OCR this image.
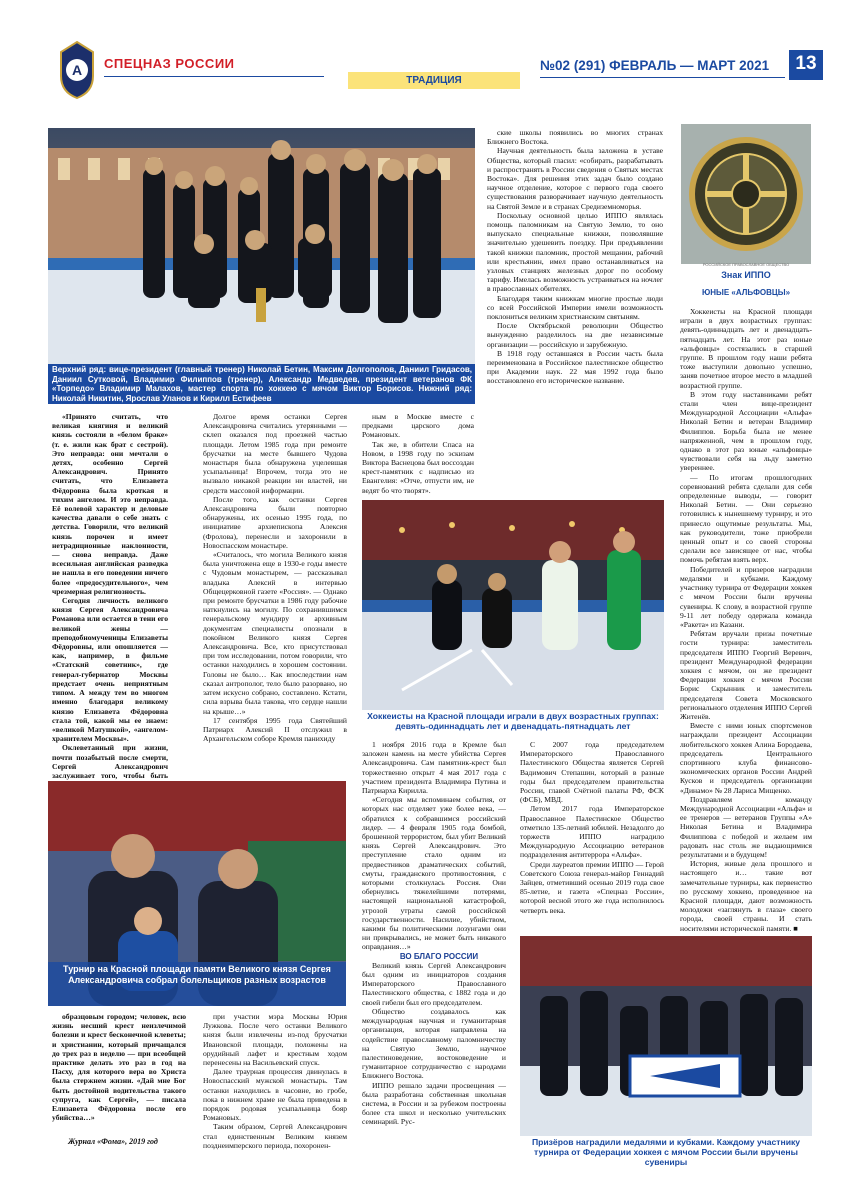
А СПЕЦНАЗ РОССИИ
ТРАДИЦИЯ
№02 (291) ФЕВРАЛЬ — МАРТ 2021	13
Верхний ряд: вице-президент (главный тренер) Николай Бетин, Максим Долгополов, Даниил Гридасов, Даниил Сутковой, Владимир Филиппов (тренер), Александр Медведев, президент ветеранов ФК «Торпедо» Владимир Малахов, мастер спорта по хоккею с мячом Виктор Борисов. Нижний ряд: Николай Никитин, Ярослав Уланов и Кирилл Естифеев
РОССИЙСКОЕ ПРАВОСЛАВНОЕ ОБЩЕСТВО
Знак ИППО
ЮНЫЕ «АЛЬФОВЦЫ»

«Принято считать, что великая княгиня и великий князь состояли в «белом браке» (т. е. жили как брат с сестрой). Это неправда: они мечтали о детях, особенно Сергей Александрович. Принято считать, что Елизавета Фёдоровна была кроткая и тихим ангелом. И это неправда. Её волевой характер и деловые качества давали о себе знать с детства. Говорили, что великий князь порочен и имеет нетрадиционные наклонности, — снова неправда. Даже всесильная английская разведка не нашла в его поведении ничего более «предосудительного», чем чрезмерная религиозность.

Сегодня личность великого князя Сергея Александровича Романова или остается в тени его великой жены — преподобномученицы Елизаветы Фёдоровны, или опошляется — как, например, в фильме «Статский советник», где генерал-губернатор Москвы предстает очень неприятным типом. А между тем во многом именно благодаря великому князю Елизавета Фёдоровна стала той, какой мы ее знаем: «великой Матушкой», «ангелом-хранителем Москвы».

Оклеветанный при жизни, почти позабытый после смерти, Сергей Александрович заслуживает того, чтобы быть

Долгое время останки Сергея Александровича считались утерянными — склеп оказался под проезжей частью площади. Летом 1985 года при ремонте брусчатки на месте бывшего Чудова монастыря была обнаружена уцелевшая усыпальница! Впрочем, тогда это не вызвало никакой реакции ни властей, ни средств массовой информации.

После того, как останки Сергея Александровича были повторно обнаружены, их осенью 1995 года, по инициативе архиепископа Алексия (Фролова), перенесли и захоронили в Новоспасском монастыре.

«Считалось, что могила Великого князя была уничтожена еще в 1930-е годы вместе с Чудовым монастырем, — рассказывал владыка Алексий в интервью Общецерковной газете «Россия». — Однако при ремонте брусчатки в 1986 году рабочие наткнулись на могилу. По сохранившимся генеральскому мундиру и архивным документам специалисты опознали в покойном Великого князя Сергея Александровича. Все, кто присутствовал при том исследовании, потом говорили, что останки находились в хорошем состоянии. Головы не было… Как впоследствии нам сказал антрополог, тело было разорвано, но затем искусно собрано, составлено. Кстати, сила взрыва была такова, что сердце нашли на крыше…»

17 сентября 1995 года Святейший Патриарх Алексий II отслужил в Архангельском соборе Кремля панихиду

ным в Москве вместе с предками царского дома Романовых.

Так же, в обители Спаса на Новом, в 1998 году по эскизам Виктора Васнецова был воссоздан крест-памятник с надписью из Евангелия: «Отче, отпусти им, не ведят бо что творят».

ские школы появились во многих странах Ближнего Востока.

Научная деятельность была заложена в уставе Общества, который гласил: «собирать, разрабатывать и распространять в России сведения о Святых местах Востока». Для решения этих задач было создано научное отделение, которое с первого года своего существования разворачивает научную деятельность на Святой Земле и в странах Средиземноморья.

Поскольку основной целью ИППО являлась помощь паломникам на Святую Землю, то оно выпускало специальные книжки, позволявшие значительно удешевить поездку. При предъявлении такой книжки паломник, простой мещанин, рабочий или крестьянин, имел право останавливаться на узловых станциях железных дорог по особому тарифу. Имелась возможность устраиваться на ночлег в православных обителях.

Благодаря таким книжкам многие простые люди со всей Российской Империи имели возможность поклониться великим христианским святыням.

После Октябрьской революции Общество вынужденно разделилось на две независимые организации — российскую и зарубежную.

В 1918 году оставшаяся в России часть была переименована в Российское палестинское общество при Академии наук. 22 мая 1992 года было восстановлено его историческое название.

Хоккеисты на Красной площади играли в двух возрастных группах: девять-одиннадцать лет и двенадцать-пятнадцать лет

Хоккеисты на Красной площади играли в двух возрастных группах: девять-одиннадцать лет и двенадцать-пятнадцать лет. На этот раз юные «альфовцы» состязались в старшей группе. В прошлом году наши ребята тоже выступили довольно успешно, заняв почетное второе место в младшей возрастной группе.

В этом году наставниками ребят стали член вице-президент Международной Ассоциации «Альфа» Николай Бетин и ветеран Владимир Филиппов. Борьба была не менее напряженной, чем в прошлом году, однако в этот раз юные «альфовцы» чувствовали себя на льду заметно увереннее.

— По итогам прошлогодних соревнований ребята сделали для себя определенные выводы, — говорит Николай Бетин. — Они серьезно готовились к нынешнему турниру, и это принесло ощутимые результаты. Мы, как руководители, тоже приобрели ценный опыт и со своей стороны сделали все зависящее от нас, чтобы помочь ребятам взять верх.

Победителей и призеров наградили медалями и кубками. Каждому участнику турнира от Федерации хоккея с мячом России были вручены сувениры. К слову, в возрастной группе 9-11 лет победу одержала команда «Ракета» из Казани.

Ребятам вручали призы почетные гости турнира: заместитель председателя ИППО Георгий Веревич, президент Международной федерации хоккея с мячом, он же президент Федерации хоккея с мячом России Борис Скрынник и заместитель председателя Совета Московского регионального отделения ИППО Сергей Житенёв.

Вместе с ними юных спортсменов награждали президент Ассоциации любительского хоккея Алина Бородаева, председатель Центрального спортивного клуба финансово-экономических органов России Андрей Кусков и председатель организации «Динамо» № 28 Лариса Мищенко.

Поздравляем команду Международной Ассоциации «Альфа» и ее тренеров — ветеранов Группы «А» Николая Бетина и Владимира Филиппова с победой и желаем им радовать нас столь же выдающимися результатами и в будущем!

История, живые дела прошлого и настоящего и… такие вот замечательные турниры, как первенство по русскому хоккею, проведенное на Красной площади, дают возможность молодежи «заглянуть в глаза» своего города, своей страны. И стать носителями исторической памяти. ■

Турнир на Красной площади памяти Великого князя Сергея Александровича собрал болельщиков разных возрастов

1 ноября 2016 года в Кремле был заложен камень на месте убийства Сергея Александровича. Сам памятник-крест был торжественно открыт 4 мая 2017 года с участием президента Владимира Путина и Патриарха Кирилла.

«Сегодня мы вспоминаем события, от которых нас отделяет уже более века, — обратился к собравшимся российский лидер. — 4 февраля 1905 года бомбой, брошенной террористом, был убит Великий князь Сергей Александрович. Это преступление стало одним из предвестников драматических событий, смуты, гражданского противостояния, с которыми столкнулась Россия. Они обернулись тяжелейшими потерями, настоящей национальной катастрофой, угрозой утраты самой российской государственности. Насилие, убийством, какими бы политическими лозунгами они ни прикрывались, не может быть никакого оправдания…»

ВО БЛАГО РОССИИ

Великий князь Сергей Александрович был одним из инициаторов создания Императорского Православного Палестинского общества, с 1882 года и до своей гибели был его председателем.

Общество создавалось как международная научная и гуманитарная организация, которая направлена на содействие православному паломничеству на Святую Землю, научное палестиноведение, востоковедение и гуманитарное сотрудничество с народами Ближнего Востока.

ИППО решало задачи просвещения — была разработана собственная школьная система, в России и за рубежом построены более ста школ и несколько учительских семинарий. Рус-

С 2007 года председателем Императорского Православного Палестинского Общества является Сергей Вадимович Степашин, который в разные годы был председателем правительства России, главой Счётной палаты РФ, ФСК (ФСБ), МВД.

Летом 2017 года Императорское Православное Палестинское Общество отметило 135-летний юбилей. Незадолго до торжеств ИППО наградило Международную Ассоциацию ветеранов подразделения антитеррора «Альфа».

Среди лауреатов премии ИППО — Герой Советского Союза генерал-майор Геннадий Зайцев, отметивший осенью 2019 года свое 85-летие, и газета «Спецназ России», которой весной этого же года исполнилось четверть века.

образцовым городом; человек, всю жизнь несший крест неизлечимой болезни и крест бесконечной клеветы; и христианин, который причащался до трех раз в неделю — при всеобщей практике делать это раз в год на Пасху, для которого вера во Христа была стержнем жизни. «Дай мне Бог быть достойной водительства такого супруга, как Сергей», — писала Елизавета Фёдоровна после его убийства…»

Журнал «Фома», 2019 год

при участии мэра Москвы Юрия Лужкова. После чего останки Великого князя были извлечены из-под брусчатки Ивановской площади, положены на орудийный лафет и крестным ходом перенесены на Васильевский спуск.

Далее траурная процессия двинулась в Новоспасский мужской монастырь. Там останки находились в часовне, во гробе, пока в нижнем храме не была приведена в порядок родовая усыпальница бояр Романовых.

Таким образом, Сергей Александрович стал единственным Великим князем позднеимперского периода, похоронен-	Призёров наградили медалями и кубками. Каждому участнику турнира от Федерации хоккея с мячом России были вручены сувениры
